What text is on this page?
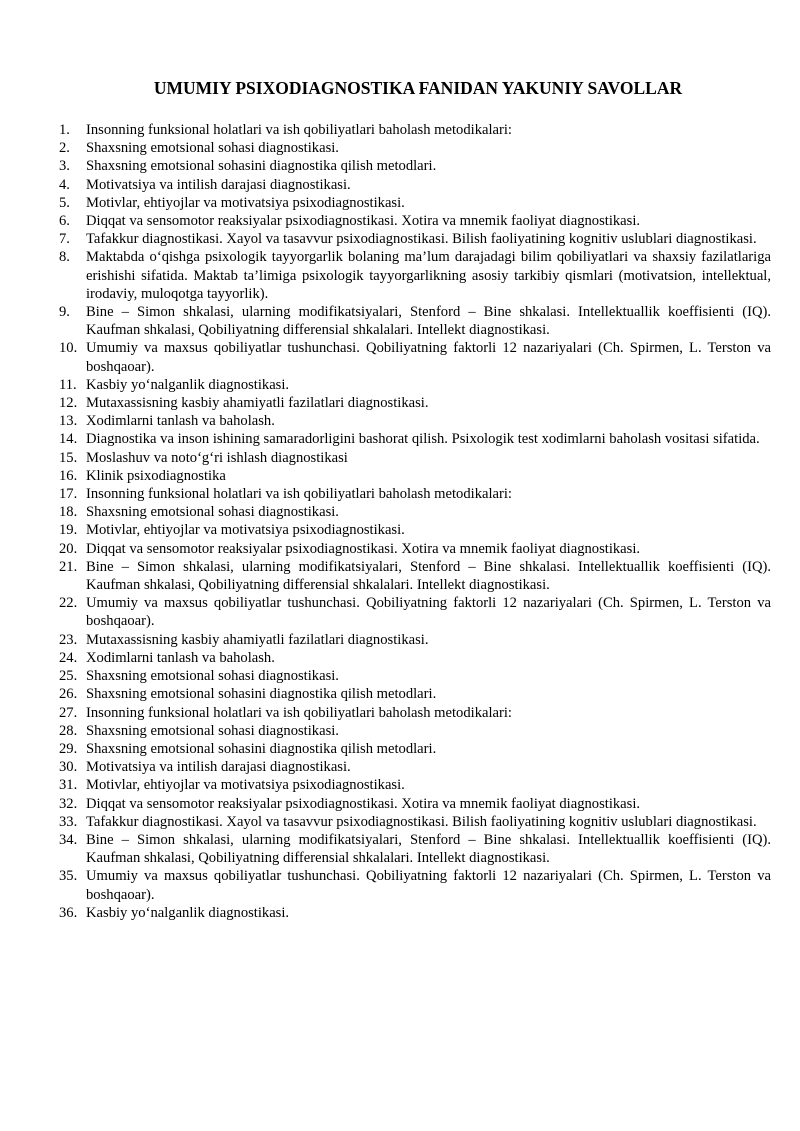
UMUMIY PSIXODIAGNOSTIKA FANIDAN YAKUNIY SAVOLLAR
1.	Insonning funksional holatlari va ish qobiliyatlari baholash metodikalari:
2.	Shaxsning emotsional sohasi diagnostikasi.
3.	Shaxsning emotsional sohasini diagnostika qilish metodlari.
4.	Motivatsiya va intilish darajasi diagnostikasi.
5.	Motivlar, ehtiyojlar va motivatsiya psixodiagnostikasi.
6.	Diqqat va sensomotor reaksiyalar psixodiagnostikasi. Xotira va mnemik faoliyat diagnostikasi.
7.	Tafakkur diagnostikasi. Xayol va tasavvur psixodiagnostikasi. Bilish faoliyatining kognitiv uslublari diagnostikasi.
8.	Maktabda o‘qishga psixologik tayyorgarlik bolaning ma’lum darajadagi bilim qobiliyatlari va shaxsiy fazilatlariga erishishi sifatida. Maktab ta’limiga psixologik tayyorgarlikning asosiy tarkibiy qismlari (motivatsion, intellektual, irodaviy, muloqotga tayyorlik).
9.	Bine – Simon shkalasi, ularning modifikatsiyalari, Stenford – Bine shkalasi. Intellektuallik koeffisienti (IQ). Kaufman shkalasi, Qobiliyatning differensial shkalalari. Intellekt diagnostikasi.
10. Umumiy va maxsus qobiliyatlar tushunchasi. Qobiliyatning faktorli 12 nazariyalari (Ch. Spirmen, L. Terston va boshqaoar).
11. Kasbiy yo‘nalganlik diagnostikasi.
12. Mutaxassisning kasbiy ahamiyatli fazilatlari diagnostikasi.
13. Xodimlarni tanlash va baholash.
14. Diagnostika va inson ishining samaradorligini bashorat qilish. Psixologik test xodimlarni baholash vositasi sifatida.
15. Moslashuv va noto‘g‘ri ishlash diagnostikasi
16. Klinik psixodiagnostika
17. Insonning funksional holatlari va ish qobiliyatlari baholash metodikalari:
18. Shaxsning emotsional sohasi diagnostikasi.
19. Motivlar, ehtiyojlar va motivatsiya psixodiagnostikasi.
20. Diqqat va sensomotor reaksiyalar psixodiagnostikasi. Xotira va mnemik faoliyat diagnostikasi.
21. Bine – Simon shkalasi, ularning modifikatsiyalari, Stenford – Bine shkalasi. Intellektuallik koeffisienti (IQ). Kaufman shkalasi, Qobiliyatning differensial shkalalari. Intellekt diagnostikasi.
22. Umumiy va maxsus qobiliyatlar tushunchasi. Qobiliyatning faktorli 12 nazariyalari (Ch. Spirmen, L. Terston va boshqaoar).
23. Mutaxassisning kasbiy ahamiyatli fazilatlari diagnostikasi.
24. Xodimlarni tanlash va baholash.
25. Shaxsning emotsional sohasi diagnostikasi.
26. Shaxsning emotsional sohasini diagnostika qilish metodlari.
27. Insonning funksional holatlari va ish qobiliyatlari baholash metodikalari:
28. Shaxsning emotsional sohasi diagnostikasi.
29. Shaxsning emotsional sohasini diagnostika qilish metodlari.
30. Motivatsiya va intilish darajasi diagnostikasi.
31. Motivlar, ehtiyojlar va motivatsiya psixodiagnostikasi.
32. Diqqat va sensomotor reaksiyalar psixodiagnostikasi. Xotira va mnemik faoliyat diagnostikasi.
33. Tafakkur diagnostikasi. Xayol va tasavvur psixodiagnostikasi. Bilish faoliyatining kognitiv uslublari diagnostikasi.
34. Bine – Simon shkalasi, ularning modifikatsiyalari, Stenford – Bine shkalasi. Intellektuallik koeffisienti (IQ). Kaufman shkalasi, Qobiliyatning differensial shkalalari. Intellekt diagnostikasi.
35. Umumiy va maxsus qobiliyatlar tushunchasi. Qobiliyatning faktorli 12 nazariyalari (Ch. Spirmen, L. Terston va boshqaoar).
36. Kasbiy yo‘nalganlik diagnostikasi.
